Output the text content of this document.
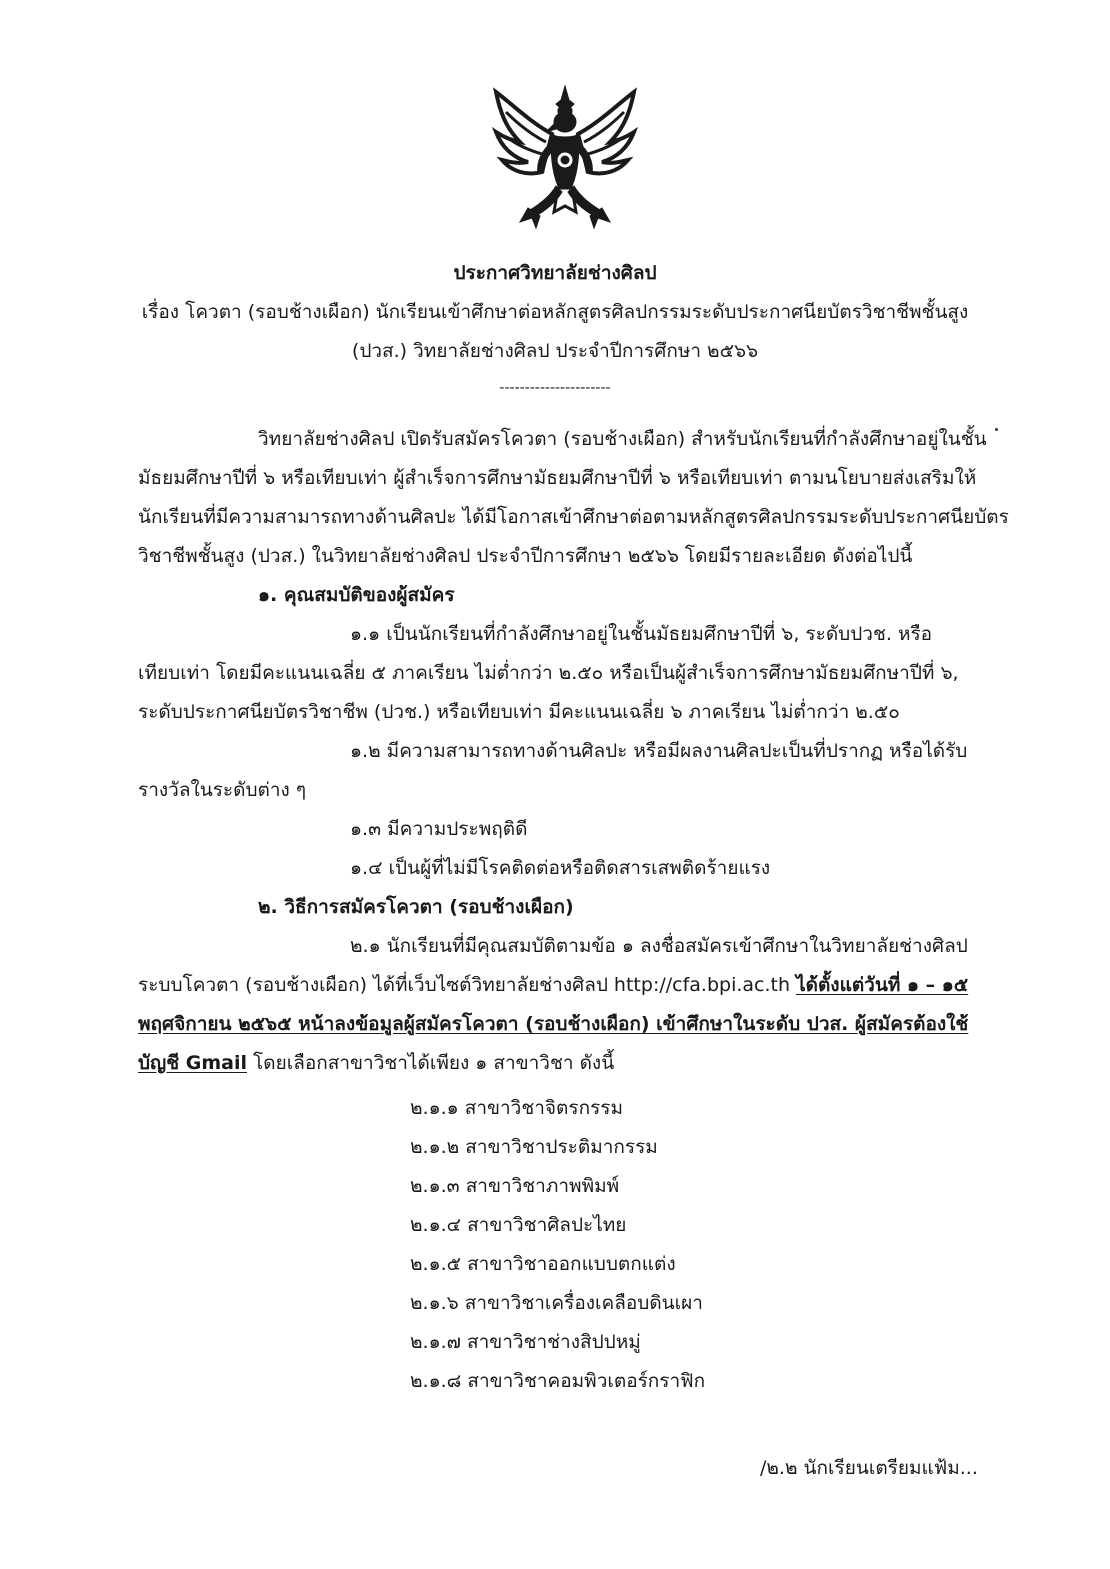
ประกาศวิทยาลัยช่างศิลป
เรื่อง โควตา (รอบช้างเผือก) นักเรียนเข้าศึกษาต่อหลักสูตรศิลปกรรมระดับประกาศนียบัตรวิชาชีพชั้นสูง
(ปวส.) วิทยาลัยช่างศิลป ประจำปีการศึกษา ๒๕๖๖
----------------------
วิทยาลัยช่างศิลป เปิดรับสมัครโควตา (รอบช้างเผือก) สำหรับนักเรียนที่กำลังศึกษาอยู่ในชั้น
มัธยมศึกษาปีที่ ๖ หรือเทียบเท่า ผู้สำเร็จการศึกษามัธยมศึกษาปีที่ ๖ หรือเทียบเท่า ตามนโยบายส่งเสริมให้
นักเรียนที่มีความสามารถทางด้านศิลปะ ได้มีโอกาสเข้าศึกษาต่อตามหลักสูตรศิลปกรรมระดับประกาศนียบัตร
วิชาชีพชั้นสูง (ปวส.) ในวิทยาลัยช่างศิลป ประจำปีการศึกษา ๒๕๖๖ โดยมีรายละเอียด ดังต่อไปนี้
๑. คุณสมบัติของผู้สมัคร
๑.๑ เป็นนักเรียนที่กำลังศึกษาอยู่ในชั้นมัธยมศึกษาปีที่ ๖, ระดับปวช. หรือ
เทียบเท่า โดยมีคะแนนเฉลี่ย ๕ ภาคเรียน ไม่ต่ำกว่า ๒.๕๐ หรือเป็นผู้สำเร็จการศึกษามัธยมศึกษาปีที่ ๖,
ระดับประกาศนียบัตรวิชาชีพ (ปวช.) หรือเทียบเท่า มีคะแนนเฉลี่ย ๖ ภาคเรียน ไม่ต่ำกว่า ๒.๕๐
๑.๒ มีความสามารถทางด้านศิลปะ หรือมีผลงานศิลปะเป็นที่ปรากฏ หรือได้รับ
รางวัลในระดับต่าง ๆ
๑.๓ มีความประพฤติดี
๑.๔ เป็นผู้ที่ไม่มีโรคติดต่อหรือติดสารเสพติดร้ายแรง
๒. วิธีการสมัครโควตา (รอบช้างเผือก)
๒.๑ นักเรียนที่มีคุณสมบัติตามข้อ ๑ ลงชื่อสมัครเข้าศึกษาในวิทยาลัยช่างศิลป
ระบบโควตา (รอบช้างเผือก) ได้ที่เว็บไซต์วิทยาลัยช่างศิลป http://cfa.bpi.ac.th ได้ตั้งแต่วันที่ ๑ – ๑๕
พฤศจิกายน ๒๕๖๕ หน้าลงข้อมูลผู้สมัครโควตา (รอบช้างเผือก) เข้าศึกษาในระดับ ปวส. ผู้สมัครต้องใช้
บัญชี Gmail โดยเลือกสาขาวิชาได้เพียง ๑ สาขาวิชา ดังนี้
๒.๑.๑ สาขาวิชาจิตรกรรม
๒.๑.๒ สาขาวิชาประติมากรรม
๒.๑.๓ สาขาวิชาภาพพิมพ์
๒.๑.๔ สาขาวิชาศิลปะไทย
๒.๑.๕ สาขาวิชาออกแบบตกแต่ง
๒.๑.๖ สาขาวิชาเครื่องเคลือบดินเผา
๒.๑.๗ สาขาวิชาช่างสิปปหมู่
๒.๑.๘ สาขาวิชาคอมพิวเตอร์กราฟิก
/๒.๒ นักเรียนเตรียมแฟ้ม...
